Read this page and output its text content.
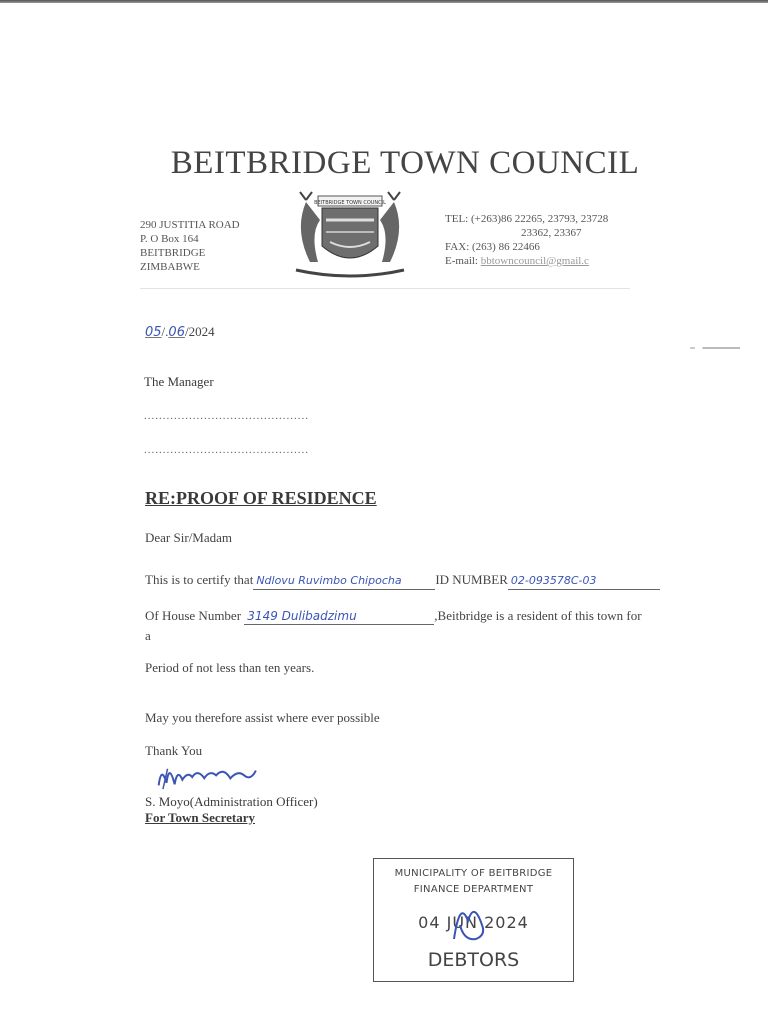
BEITBRIDGE TOWN COUNCIL
290 JUSTITIA ROAD
P. O Box 164
BEITBRIDGE
ZIMBABWE
BEITBRIDGE TOWN COUNCIL
TEL: (+263)86 22265, 23793, 23728
23362, 23367
FAX: (263) 86 22466
E-mail: bbtowncouncil@gmail.c
05/.06/2024
The Manager
............................................
............................................
RE:PROOF OF RESIDENCE
Dear Sir/Madam
This is to certify that Ndlovu Ruvimbo Chipocha	ID NUMBER 02-093578C-03
Of House Number 3149 Dulibadzimu	,Beitbridge is a resident of this town for
a
Period of not less than ten years.
May you therefore assist where ever possible
Thank You
S. Moyo(Administration Officer)
For Town Secretary
MUNICIPALITY OF BEITBRIDGE
FINANCE DEPARTMENT
04 JUN 2024
DEBTORS
